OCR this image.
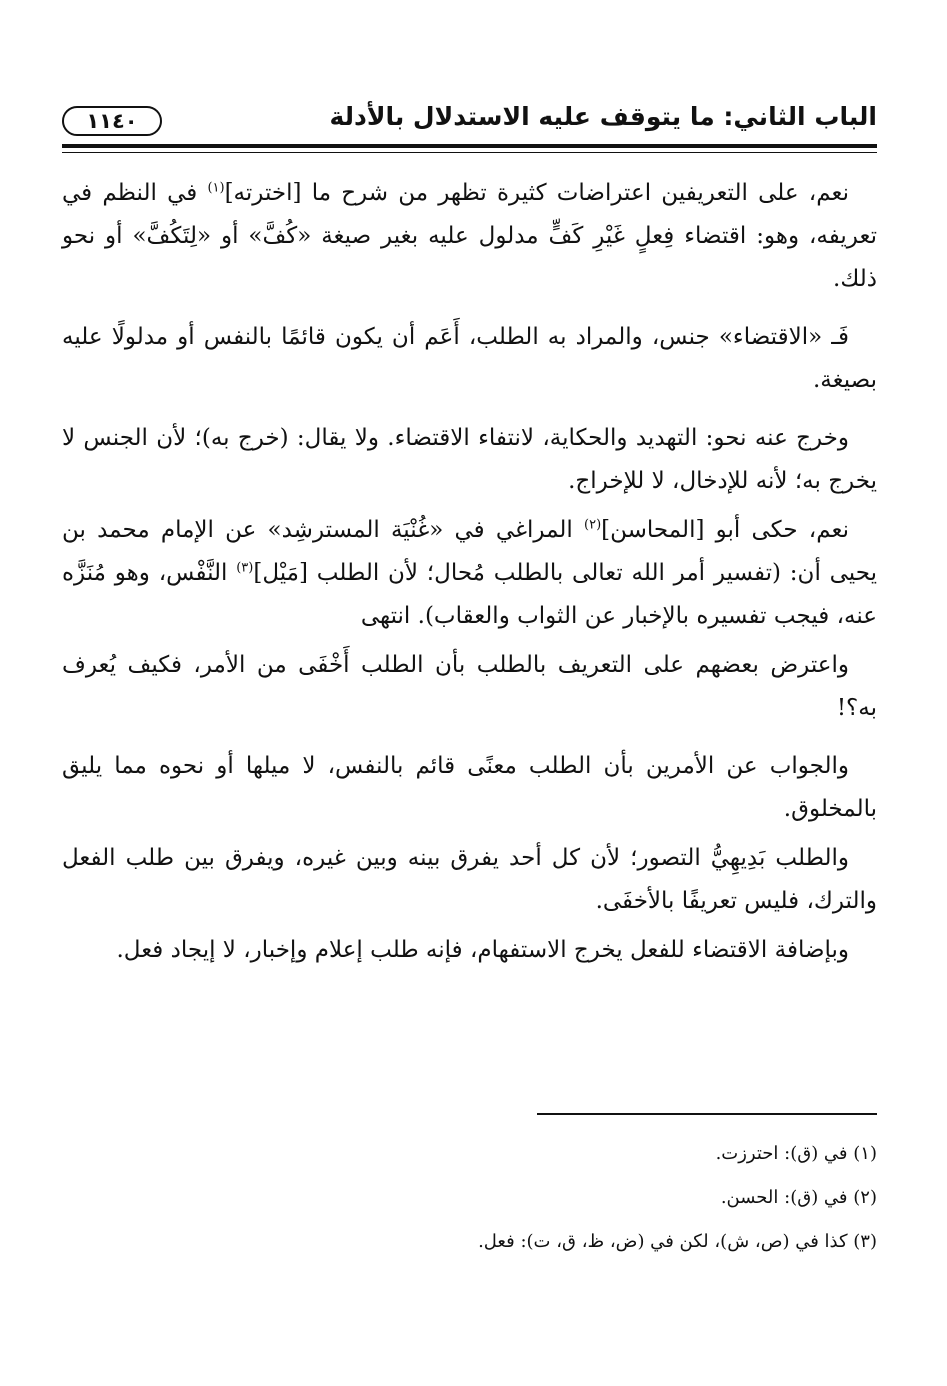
الباب الثاني: ما يتوقف عليه الاستدلال بالأدلة
١١٤٠

نعم، على التعريفين اعتراضات كثيرة تظهر من شرح ما [اخترته]$^{(١)}$ في النظم في تعريفه، وهو: اقتضاء فِعلٍ غَيْرِ كَفٍّ مدلول عليه بغير صيغة «كُفَّ» أو «لِتَكُفَّ» أو نحو ذلك.

فَـ «الاقتضاء» جنس، والمراد به الطلب، أَعَم أن يكون قائمًا بالنفس أو مدلولًا عليه بصيغة.

وخرج عنه نحو: التهديد والحكاية، لانتفاء الاقتضاء. ولا يقال: (خرج به)؛ لأن الجنس لا يخرج به؛ لأنه للإدخال، لا للإخراج.

نعم، حكى أبو [المحاسن]$^{(٢)}$ المراغي في «غُنْيَة المسترشِد» عن الإمام محمد بن يحيى أن: (تفسير أمر الله تعالى بالطلب مُحال؛ لأن الطلب [مَيْل]$^{(٣)}$ النَّفْس، وهو مُنَزَّه عنه، فيجب تفسيره بالإخبار عن الثواب والعقاب). انتهى

واعترض بعضهم على التعريف بالطلب بأن الطلب أَخْفَى من الأمر، فكيف يُعرف به؟!

والجواب عن الأمرين بأن الطلب معنًى قائم بالنفس، لا ميلها أو نحوه مما يليق بالمخلوق.

والطلب بَدِيهِيُّ التصور؛ لأن كل أحد يفرق بينه وبين غيره، ويفرق بين طلب الفعل والترك، فليس تعريفًا بالأخفَى.

وبإضافة الاقتضاء للفعل يخرج الاستفهام، فإنه طلب إعلام وإخبار، لا إيجاد فعل.

(١) في (ق): احترزت.
(٢) في (ق): الحسن.
(٣) كذا في (ص، ش)، لكن في (ض، ظ، ق، ت): فعل.
